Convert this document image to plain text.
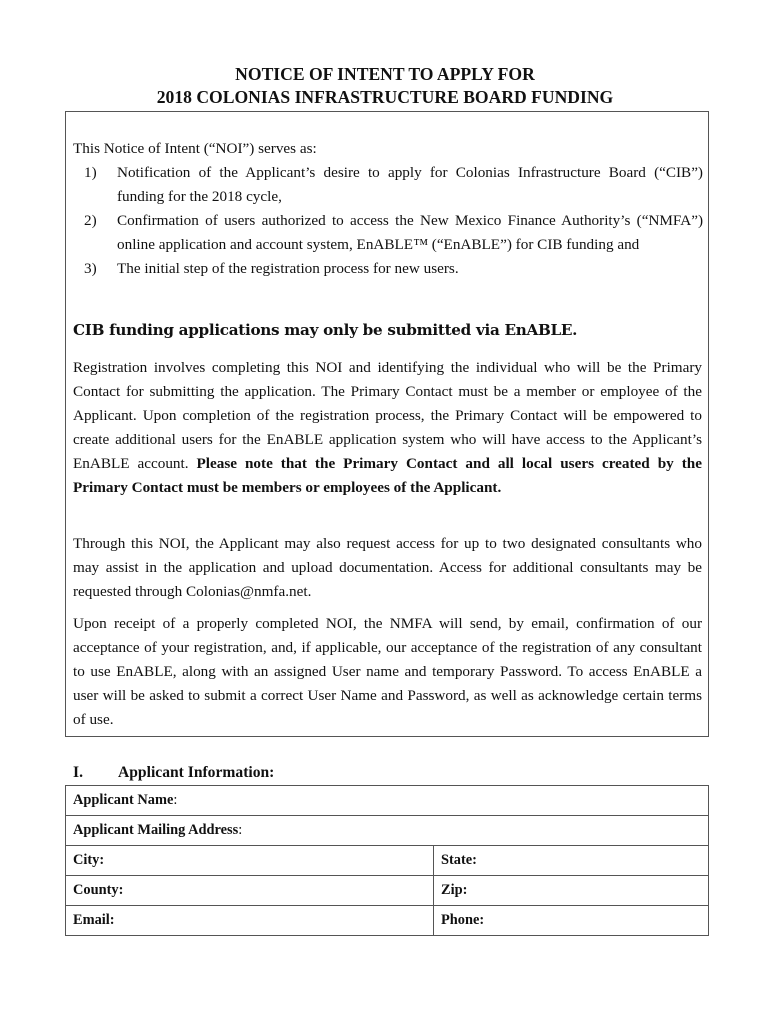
NOTICE OF INTENT TO APPLY FOR
2018 COLONIAS INFRASTRUCTURE BOARD FUNDING
This Notice of Intent (“NOI”) serves as:
1) Notification of the Applicant’s desire to apply for Colonias Infrastructure Board (“CIB”) funding for the 2018 cycle,
2) Confirmation of users authorized to access the New Mexico Finance Authority’s (“NMFA”) online application and account system, EnABLE™ (“EnABLE”) for CIB funding and
3) The initial step of the registration process for new users.
CIB funding applications may only be submitted via EnABLE.
Registration involves completing this NOI and identifying the individual who will be the Primary Contact for submitting the application. The Primary Contact must be a member or employee of the Applicant. Upon completion of the registration process, the Primary Contact will be empowered to create additional users for the EnABLE application system who will have access to the Applicant’s EnABLE account. Please note that the Primary Contact and all local users created by the Primary Contact must be members or employees of the Applicant.
Through this NOI, the Applicant may also request access for up to two designated consultants who may assist in the application and upload documentation. Access for additional consultants may be requested through Colonias@nmfa.net.
Upon receipt of a properly completed NOI, the NMFA will send, by email, confirmation of our acceptance of your registration, and, if applicable, our acceptance of the registration of any consultant to use EnABLE, along with an assigned User name and temporary Password. To access EnABLE a user will be asked to submit a correct User Name and Password, as well as acknowledge certain terms of use.
I. Applicant Information:
Applicant Name:	
Applicant Mailing Address:	
City:	State:
County:	Zip:
Email:	Phone:
